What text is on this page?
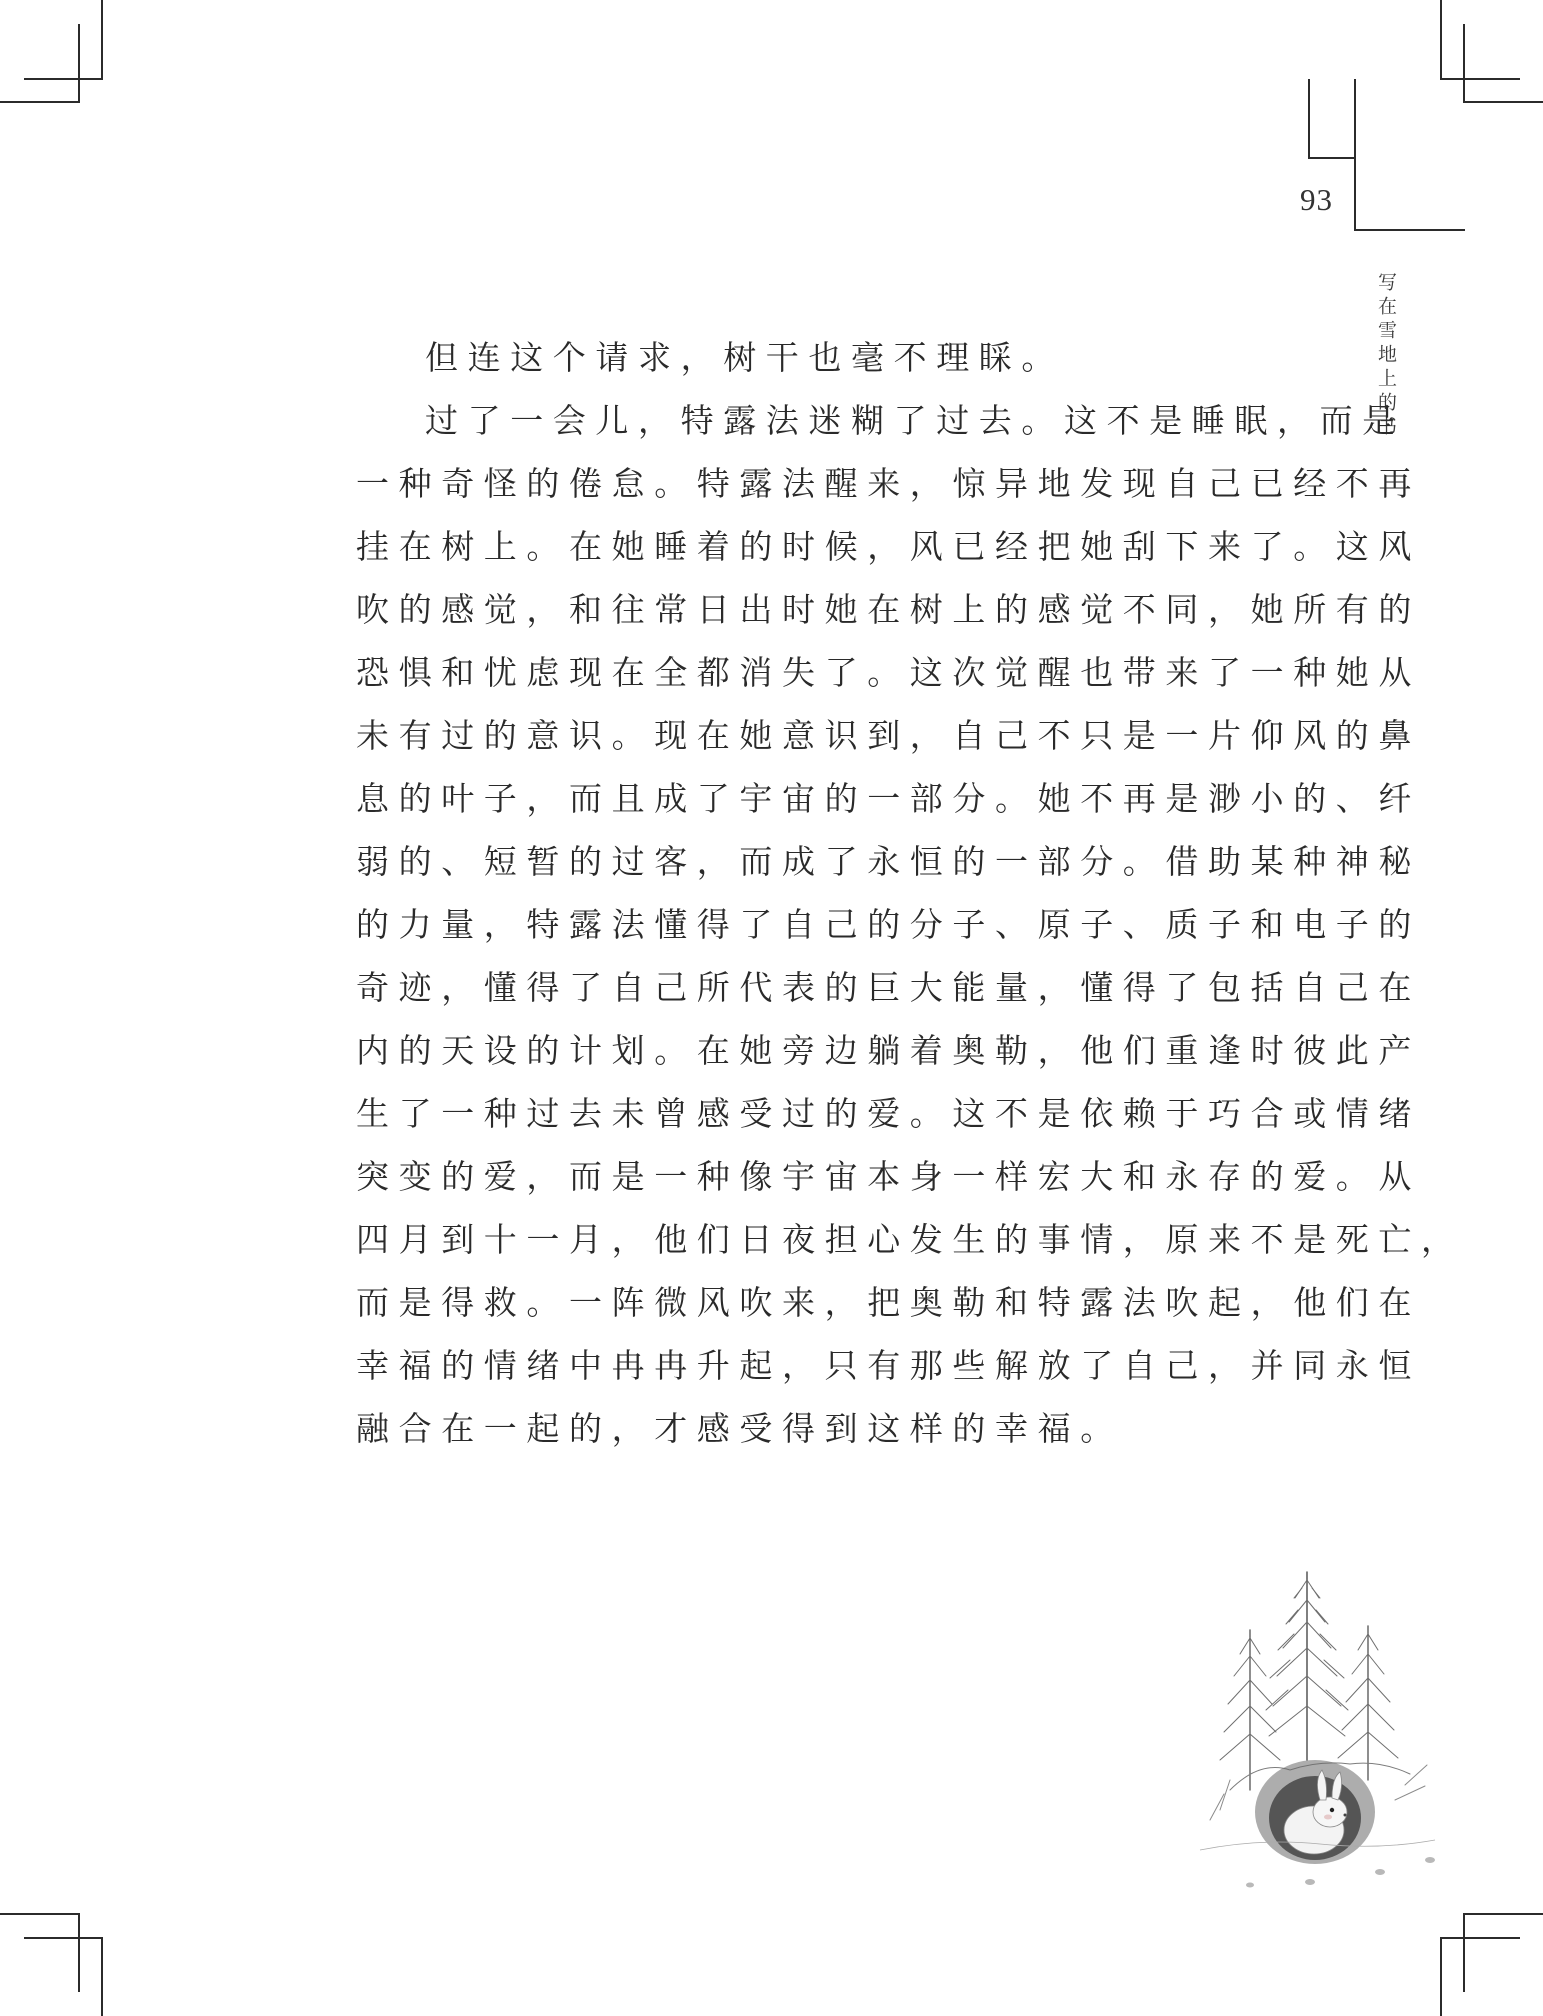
93
写在雪地上的书
但连这个请求，树干也毫不理睬。
过了一会儿，特露法迷糊了过去。这不是睡眠，而是
一种奇怪的倦怠。特露法醒来，惊异地发现自己已经不再
挂在树上。在她睡着的时候，风已经把她刮下来了。这风
吹的感觉，和往常日出时她在树上的感觉不同，她所有的
恐惧和忧虑现在全都消失了。这次觉醒也带来了一种她从
未有过的意识。现在她意识到，自己不只是一片仰风的鼻
息的叶子，而且成了宇宙的一部分。她不再是渺小的、纤
弱的、短暂的过客，而成了永恒的一部分。借助某种神秘
的力量，特露法懂得了自己的分子、原子、质子和电子的
奇迹，懂得了自己所代表的巨大能量，懂得了包括自己在
内的天设的计划。在她旁边躺着奥勒，他们重逢时彼此产
生了一种过去未曾感受过的爱。这不是依赖于巧合或情绪
突变的爱，而是一种像宇宙本身一样宏大和永存的爱。从
四月到十一月，他们日夜担心发生的事情，原来不是死亡，
而是得救。一阵微风吹来，把奥勒和特露法吹起，他们在
幸福的情绪中冉冉升起，只有那些解放了自己，并同永恒
融合在一起的，才感受得到这样的幸福。
